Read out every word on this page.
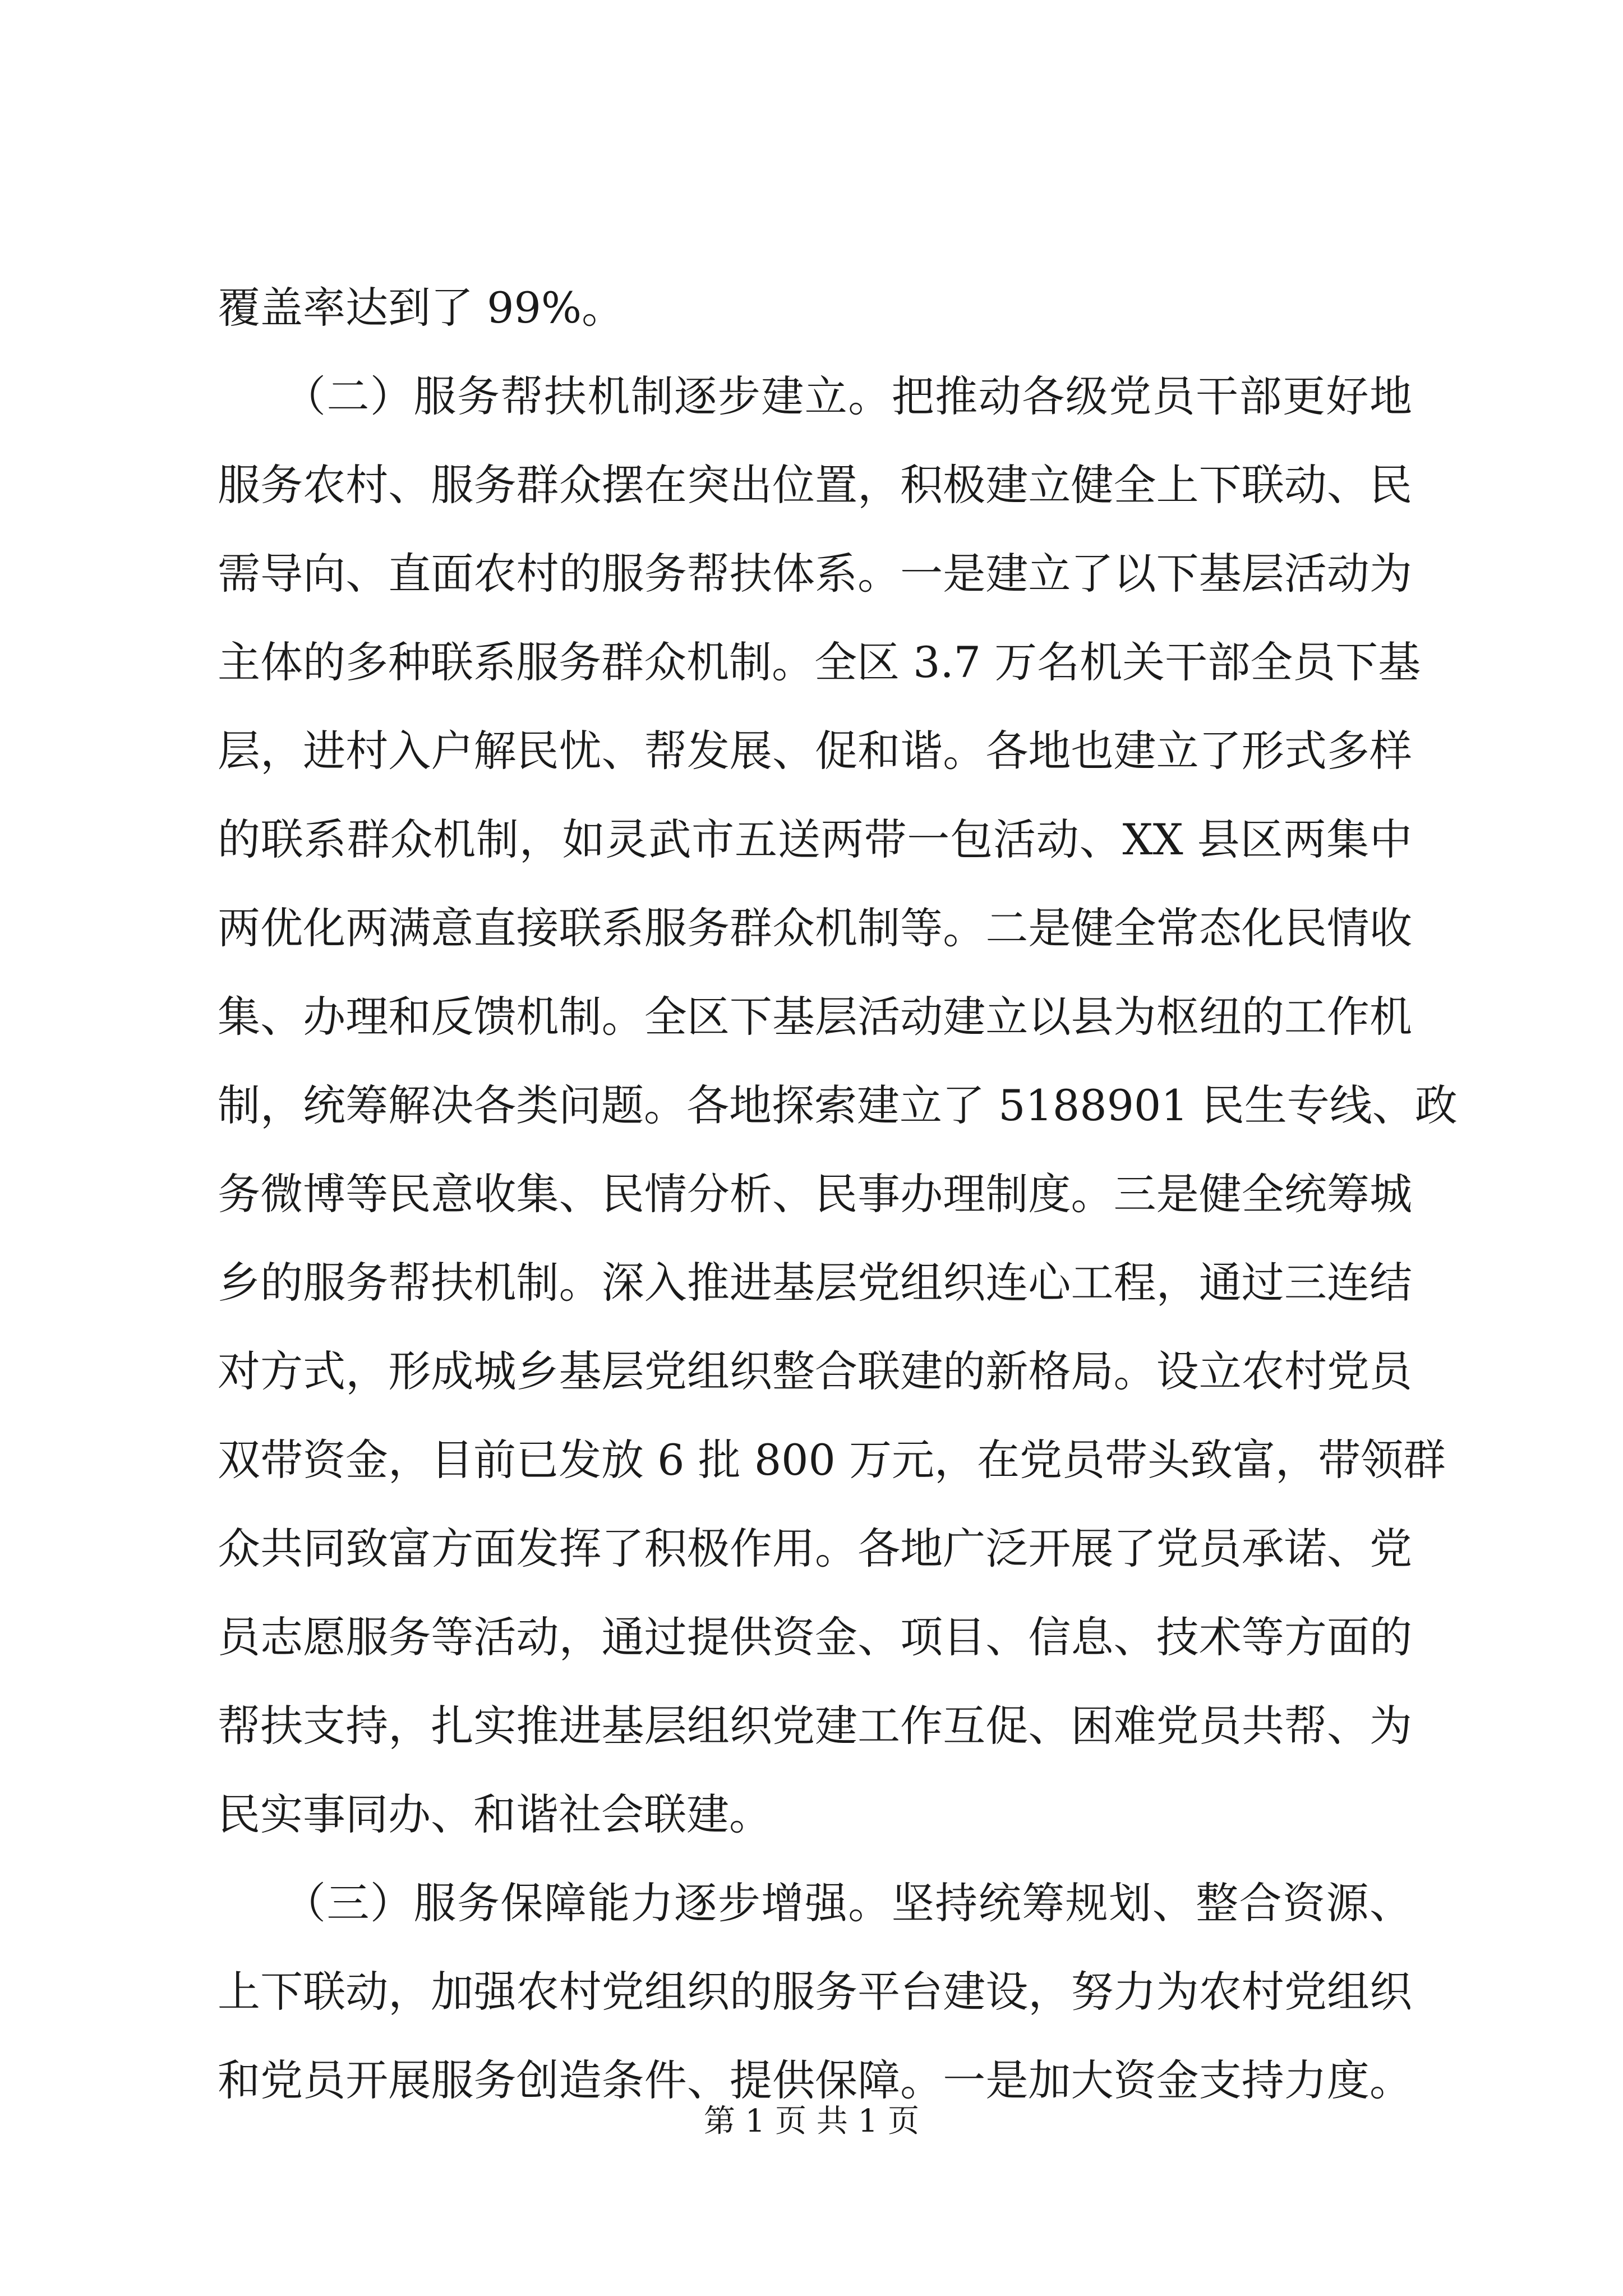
覆盖率达到了 99%。
　　（二）服务帮扶机制逐步建立。把推动各级党员干部更好地
服务农村、服务群众摆在突出位置，积极建立健全上下联动、民
需导向、直面农村的服务帮扶体系。一是建立了以下基层活动为
主体的多种联系服务群众机制。全区 3.7 万名机关干部全员下基
层，进村入户解民忧、帮发展、促和谐。各地也建立了形式多样
的联系群众机制，如灵武市五送两带一包活动、XX 县区两集中
两优化两满意直接联系服务群众机制等。二是健全常态化民情收
集、办理和反馈机制。全区下基层活动建立以县为枢纽的工作机
制，统筹解决各类问题。各地探索建立了 5188901 民生专线、政
务微博等民意收集、民情分析、民事办理制度。三是健全统筹城
乡的服务帮扶机制。深入推进基层党组织连心工程，通过三连结
对方式，形成城乡基层党组织整合联建的新格局。设立农村党员
双带资金，目前已发放 6 批 800 万元，在党员带头致富，带领群
众共同致富方面发挥了积极作用。各地广泛开展了党员承诺、党
员志愿服务等活动，通过提供资金、项目、信息、技术等方面的
帮扶支持，扎实推进基层组织党建工作互促、困难党员共帮、为
民实事同办、和谐社会联建。
　　（三）服务保障能力逐步增强。坚持统筹规划、整合资源、
上下联动，加强农村党组织的服务平台建设，努力为农村党组织
和党员开展服务创造条件、提供保障。一是加大资金支持力度。
第 1 页 共 1 页
